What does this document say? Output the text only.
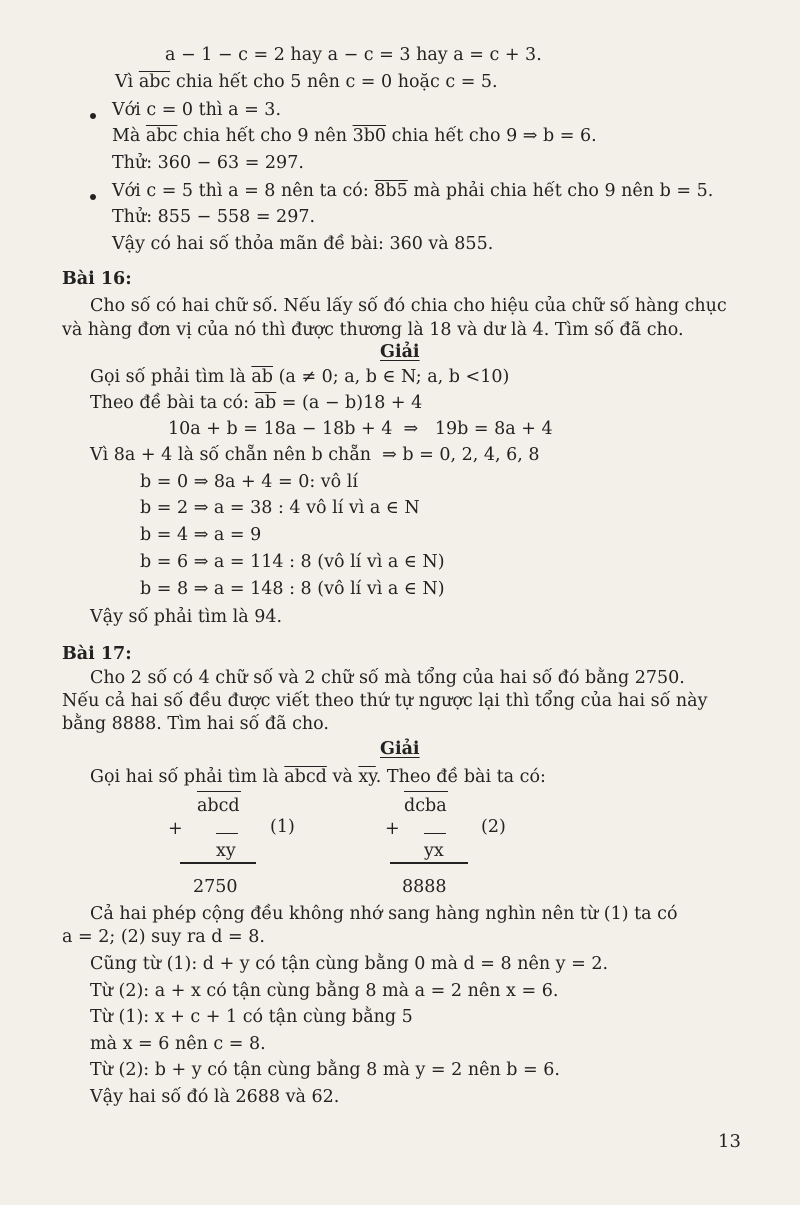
a − 1 − c = 2 hay a − c = 3 hay a = c + 3.
Vì $\overline{abc}$ chia hết cho 5 nên c = 0 hoặc c = 5.
Với c = 0 thì a = 3.
Mà $\overline{abc}$ chia hết cho 9 nên 3b0 chia hết cho 9 ⇒ b = 6.
Thử: 360 − 63 = 297.
Với c = 5 thì a = 8 nên ta có: 8b5 mà phải chia hết cho 9 nên b = 5.
Thử: 855 − 558 = 297.
Vậy có hai số thỏa mãn đề bài: 360 và 855.
Bài 16:
Cho số có hai chữ số. Nếu lấy số đó chia cho hiệu của chữ số hàng chục
và hàng đơn vị của nó thì được thương là 18 và dư là 4. Tìm số đã cho.
Giải
Gọi số phải tìm là $\overline{ab}$ (a ≠ 0; a, b ∈ N; a, b <10)
Theo đề bài ta có: $\overline{ab} = (a - b)18 + 4$
10a + b = 18a − 18b + 4  ⇒   19b = 8a + 4
Vì 8a + 4 là số chẵn nên b chẵn  ⇒ b = 0, 2, 4, 6, 8
b = 0 ⇒ 8a + 4 = 0: vô lí
b = 2 ⇒ a = 38 : 4 vô lí vì a ∈ N
b = 4 ⇒ a = 9
b = 6 ⇒ a = 114 : 8 (vô lí vì a ∈ N)
b = 8 ⇒ a = 148 : 8 (vô lí vì a ∈ N)
Vậy số phải tìm là 94.
Bài 17:
Cho 2 số có 4 chữ số và 2 chữ số mà tổng của hai số đó bằng 2750.
Nếu cả hai số đều được viết theo thứ tự ngược lại thì tổng của hai số này
bằng 8888. Tìm hai số đã cho.
Giải
Gọi hai số phải tìm là abcd và $\overline{xy}$. Theo đề bài ta có:
abcd
+	(1)
xy
2750
dcba
+	(2)
yx
8888
Cả hai phép cộng đều không nhớ sang hàng nghìn nên từ (1) ta có
a = 2; (2) suy ra d = 8.
Cũng từ (1): d + y có tận cùng bằng 0 mà d = 8 nên y = 2.
Từ (2): a + x có tận cùng bằng 8 mà a = 2 nên x = 6.
Từ (1): x + c + 1 có tận cùng bằng 5
mà x = 6 nên c = 8.
Từ (2): b + y có tận cùng bằng 8 mà y = 2 nên b = 6.
Vậy hai số đó là 2688 và 62.
13
